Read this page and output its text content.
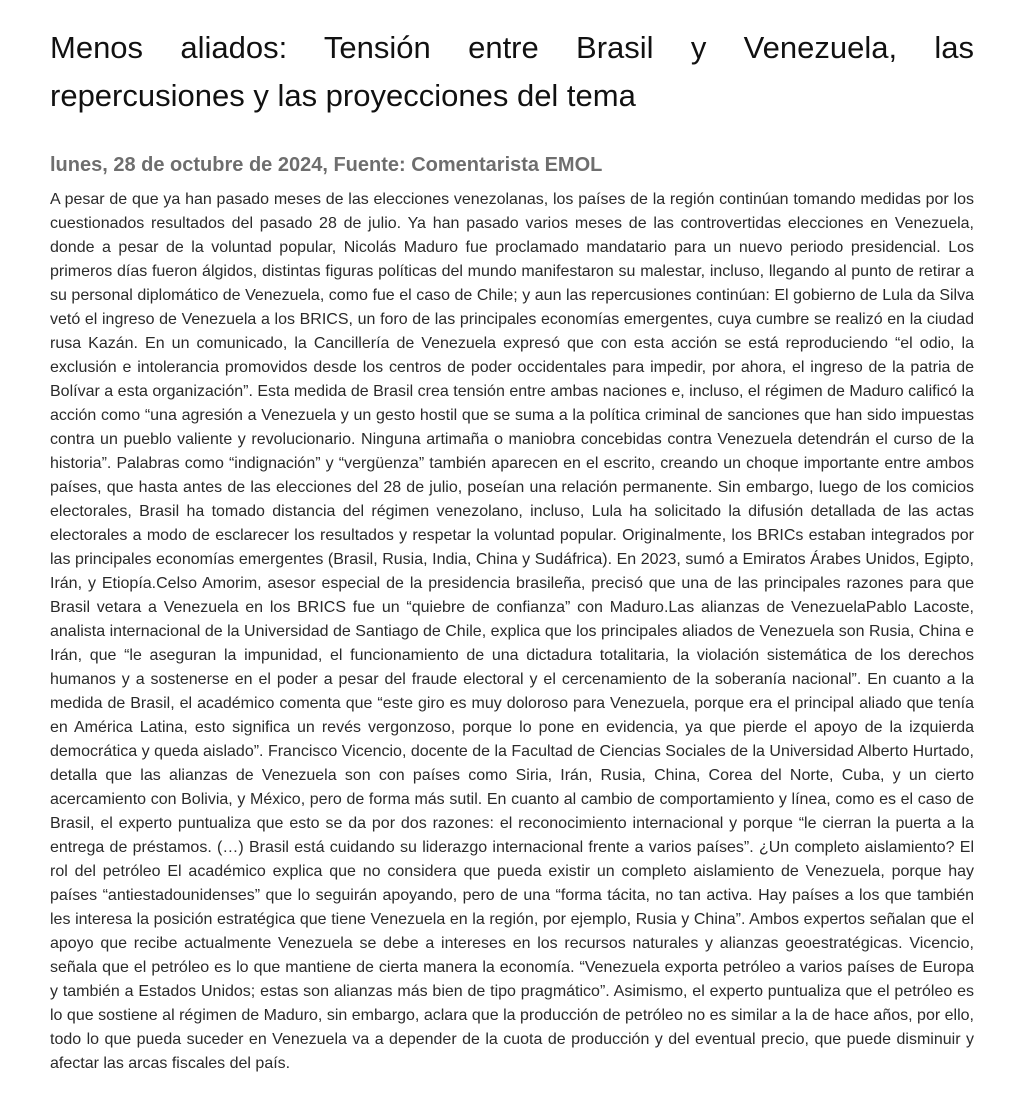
Menos aliados: Tensión entre Brasil y Venezuela, las repercusiones y las proyecciones del tema
lunes, 28 de octubre de 2024, Fuente: Comentarista EMOL

A pesar de que ya han pasado meses de las elecciones venezolanas, los países de la región continúan tomando medidas por los cuestionados resultados del pasado 28 de julio. Ya han pasado varios meses de las controvertidas elecciones en Venezuela, donde a pesar de la voluntad popular, Nicolás Maduro fue proclamado mandatario para un nuevo periodo presidencial. Los primeros días fueron álgidos, distintas figuras políticas del mundo manifestaron su malestar, incluso, llegando al punto de retirar a su personal diplomático de Venezuela, como fue el caso de Chile; y aun las repercusiones continúan: El gobierno de Lula da Silva vetó el ingreso de Venezuela a los BRICS, un foro de las principales economías emergentes, cuya cumbre se realizó en la ciudad rusa Kazán. En un comunicado, la Cancillería de Venezuela expresó que con esta acción se está reproduciendo “el odio, la exclusión e intolerancia promovidos desde los centros de poder occidentales para impedir, por ahora, el ingreso de la patria de Bolívar a esta organización”. Esta medida de Brasil crea tensión entre ambas naciones e, incluso, el régimen de Maduro calificó la acción como “una agresión a Venezuela y un gesto hostil que se suma a la política criminal de sanciones que han sido impuestas contra un pueblo valiente y revolucionario. Ninguna artimaña o maniobra concebidas contra Venezuela detendrán el curso de la historia”. Palabras como “indignación” y “vergüenza” también aparecen en el escrito, creando un choque importante entre ambos países, que hasta antes de las elecciones del 28 de julio, poseían una relación permanente. Sin embargo, luego de los comicios electorales, Brasil ha tomado distancia del régimen venezolano, incluso, Lula ha solicitado la difusión detallada de las actas electorales a modo de esclarecer los resultados y respetar la voluntad popular. Originalmente, los BRICs estaban integrados por las principales economías emergentes (Brasil, Rusia, India, China y Sudáfrica). En 2023, sumó a Emiratos Árabes Unidos, Egipto, Irán, y Etiopía.Celso Amorim, asesor especial de la presidencia brasileña, precisó que una de las principales razones para que Brasil vetara a Venezuela en los BRICS fue un “quiebre de confianza” con Maduro.Las alianzas de VenezuelaPablo Lacoste, analista internacional de la Universidad de Santiago de Chile, explica que los principales aliados de Venezuela son Rusia, China e Irán, que “le aseguran la impunidad, el funcionamiento de una dictadura totalitaria, la violación sistemática de los derechos humanos y a sostenerse en el poder a pesar del fraude electoral y el cercenamiento de la soberanía nacional”. En cuanto a la medida de Brasil, el académico comenta que “este giro es muy doloroso para Venezuela, porque era el principal aliado que tenía en América Latina, esto significa un revés vergonzoso, porque lo pone en evidencia, ya que pierde el apoyo de la izquierda democrática y queda aislado”. Francisco Vicencio, docente de la Facultad de Ciencias Sociales de la Universidad Alberto Hurtado, detalla que las alianzas de Venezuela son con países como Siria, Irán, Rusia, China, Corea del Norte, Cuba, y un cierto acercamiento con Bolivia, y México, pero de forma más sutil. En cuanto al cambio de comportamiento y línea, como es el caso de Brasil, el experto puntualiza que esto se da por dos razones: el reconocimiento internacional y porque “le cierran la puerta a la entrega de préstamos. (…) Brasil está cuidando su liderazgo internacional frente a varios países”. ¿Un completo aislamiento? El rol del petróleo El académico explica que no considera que pueda existir un completo aislamiento de Venezuela, porque hay países “antiestadounidenses” que lo seguirán apoyando, pero de una “forma tácita, no tan activa. Hay países a los que también les interesa la posición estratégica que tiene Venezuela en la región, por ejemplo, Rusia y China”. Ambos expertos señalan que el apoyo que recibe actualmente Venezuela se debe a intereses en los recursos naturales y alianzas geoestratégicas. Vicencio, señala que el petróleo es lo que mantiene de cierta manera la economía. “Venezuela exporta petróleo a varios países de Europa y también a Estados Unidos; estas son alianzas más bien de tipo pragmático”. Asimismo, el experto puntualiza que el petróleo es lo que sostiene al régimen de Maduro, sin embargo, aclara que la producción de petróleo no es similar a la de hace años, por ello, todo lo que pueda suceder en Venezuela va a depender de la cuota de producción y del eventual precio, que puede disminuir y afectar las arcas fiscales del país.
